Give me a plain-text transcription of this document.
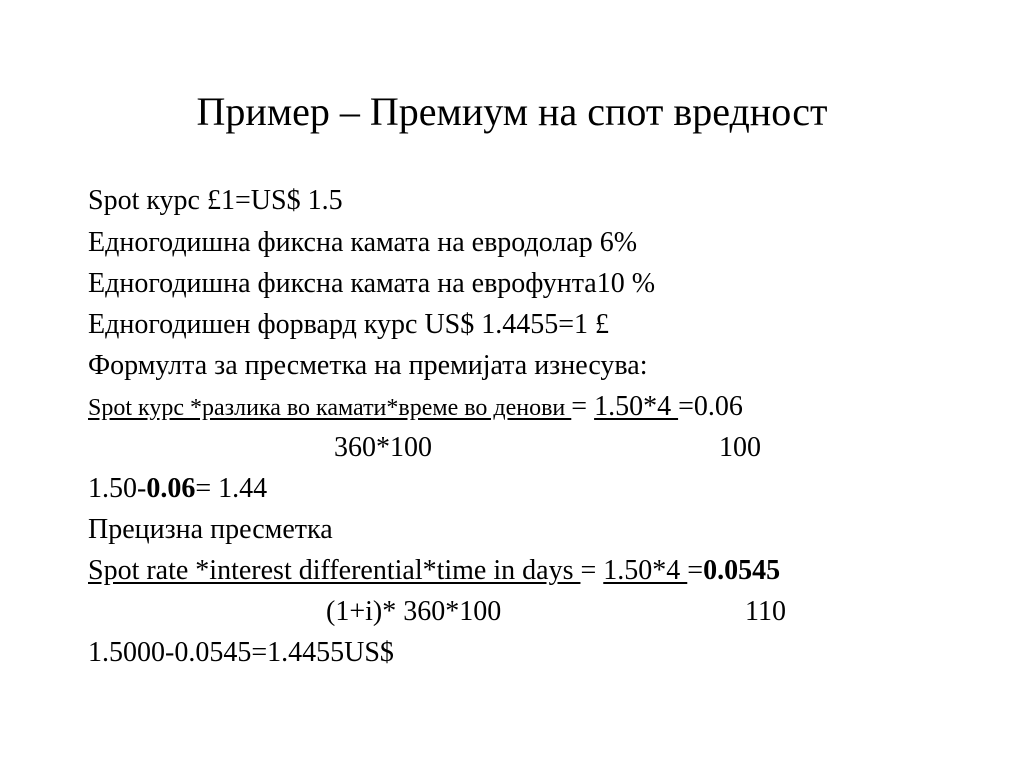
Пример – Премиум на спот вредност
Spot курс £1=US$ 1.5
Едногодишна фиксна камата на евродолар 6%
Едногодишна фиксна камата на еврофунта10 %
Едногодишен форвард курс US$ 1.4455=1 £
Формулта за пресметка на премијата изнесува:
Spot курс *разлика во камати*време во денови = 1.50*4 =0.06
360*100	100
1.50-0.06= 1.44
Прецизна пресметка
Spot rate *interest differential*time in days = 1.50*4 =0.0545
(1+i)* 360*100	110
1.5000-0.0545=1.4455US$
